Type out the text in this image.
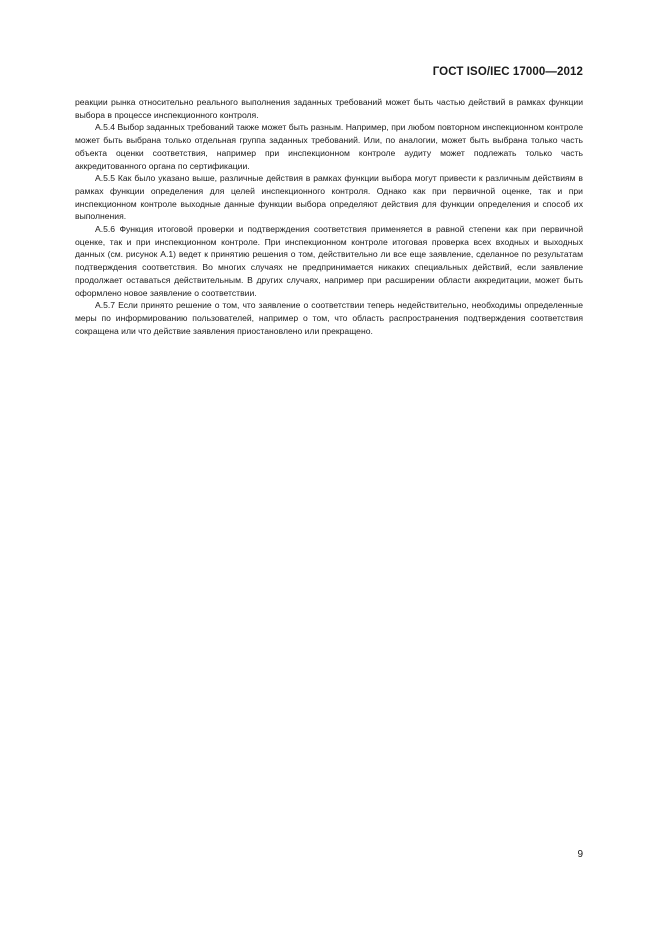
ГОСТ ISO/IEC 17000—2012

реакции рынка относительно реального выполнения заданных требований может быть частью действий в рамках функции выбора в процессе инспекционного контроля.

А.5.4 Выбор заданных требований также может быть разным. Например, при любом повторном инспекционном контроле может быть выбрана только отдельная группа заданных требований. Или, по аналогии, может быть выбрана только часть объекта оценки соответствия, например при инспекционном контроле аудиту может подлежать только часть аккредитованного органа по сертификации.

А.5.5 Как было указано выше, различные действия в рамках функции выбора могут привести к различным действиям в рамках функции определения для целей инспекционного контроля. Однако как при первичной оценке, так и при инспекционном контроле выходные данные функции выбора определяют действия для функции определения и способ их выполнения.

А.5.6 Функция итоговой проверки и подтверждения соответствия применяется в равной степени как при первичной оценке, так и при инспекционном контроле. При инспекционном контроле итоговая проверка всех входных и выходных данных (см. рисунок А.1) ведет к принятию решения о том, действительно ли все еще заявление, сделанное по результатам подтверждения соответствия. Во многих случаях не предпринимается никаких специальных действий, если заявление продолжает оставаться действительным. В других случаях, например при расширении области аккредитации, может быть оформлено новое заявление о соответствии.

А.5.7 Если принято решение о том, что заявление о соответствии теперь недействительно, необходимы определенные меры по информированию пользователей, например о том, что область распространения подтверждения соответствия сокращена или что действие заявления приостановлено или прекращено.

9
